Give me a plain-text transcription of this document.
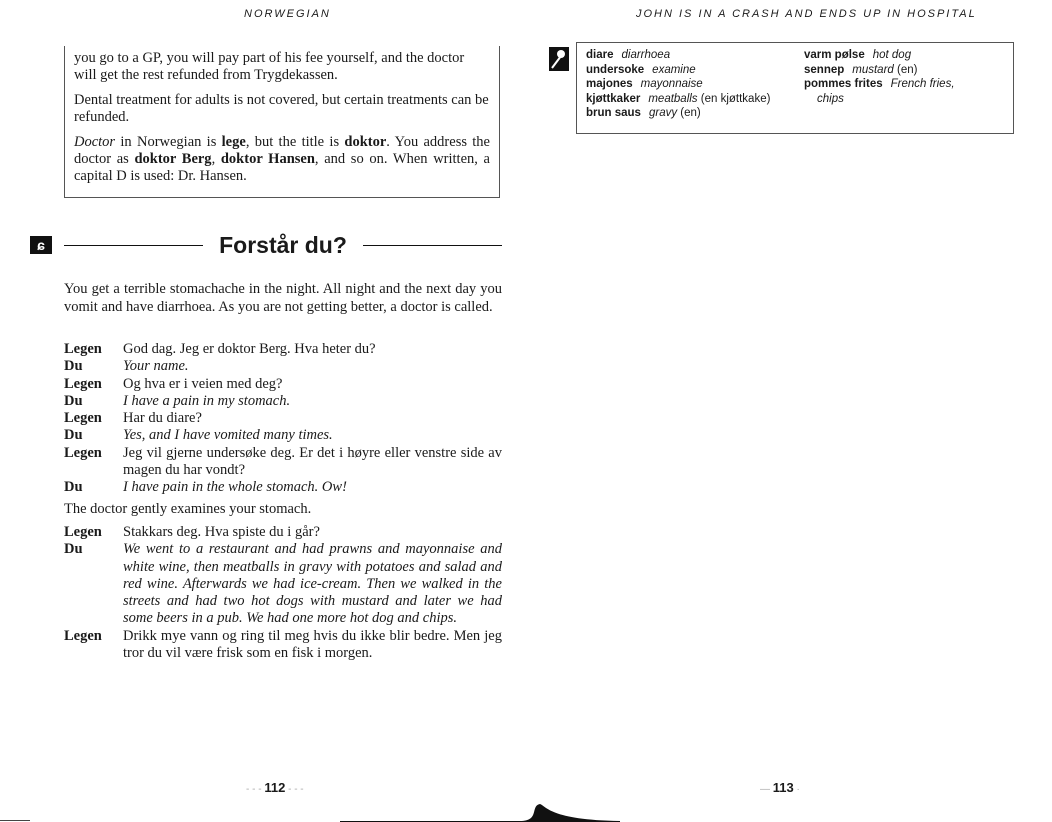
NORWEGIAN

you go to a GP, you will pay part of his fee yourself, and the doctor will get the rest refunded from Trygdekassen.

Dental treatment for adults is not covered, but certain treatments can be refunded.

Doctor in Norwegian is lege, but the title is doktor. You address the doctor as doktor Berg, doktor Hansen, and so on. When written, a capital D is used: Dr. Hansen.

ɕ	Forstår du?
You get a terrible stomachache in the night. All night and the next day you vomit and have diarrhoea. As you are not getting better, a doctor is called.
Legen	God dag. Jeg er doktor Berg. Hva heter du?
Du	Your name.
Legen	Og hva er i veien med deg?
Du	I have a pain in my stomach.
Legen	Har du diare?
Du	Yes, and I have vomited many times.
Legen	Jeg vil gjerne undersøke deg. Er det i høyre eller venstre side av magen du har vondt?
Du	I have pain in the whole stomach. Ow!
The doctor gently examines your stomach.
Legen	Stakkars deg. Hva spiste du i går?
Du	We went to a restaurant and had prawns and mayonnaise and white wine, then meatballs in gravy with potatoes and salad and red wine. Afterwards we had ice-cream. Then we walked in the streets and had two hot dogs with mustard and later we had some beers in a pub. We had one more hot dog and chips.
Legen	Drikk mye vann og ring til meg hvis du ikke blir bedre. Men jeg tror du vil være frisk som en fisk i morgen.
- - - 112 - - -
JOHN IS IN A CRASH AND ENDS UP IN HOSPITAL
diare diarrhoea
undersoke examine
majones mayonnaise
kjøttkaker meatballs (en kjøttkake)
brun saus gravy (en)
varm pølse hot dog
sennep mustard (en)
pommes frites French fries,
chips
— 113 ·
